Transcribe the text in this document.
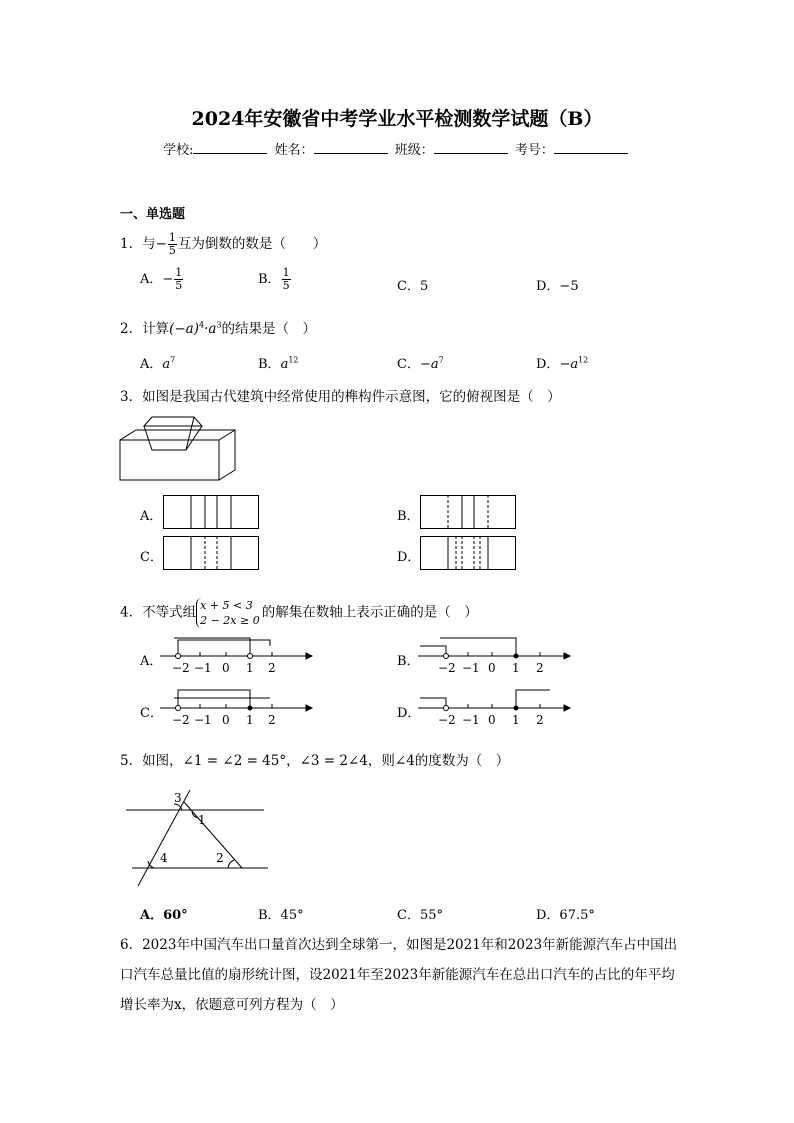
2024年安徽省中考学业水平检测数学试题（B）
学校:	姓名：	班级：	考号：
一、单选题
1．与− $\frac{1}{5}$ 互为倒数的数是（　　）
A．− $\frac{1}{5}$	B． $\frac{1}{5}$	C．5	D．−5
2．计算$(-a)^4\cdot a^3$的结果是（　）
A．$a^7$	B．$a^{12}$	C．$-a^7$	D．$-a^{12}$
3．如图是我国古代建筑中经常使用的榫构件示意图，它的俯视图是（　）
A．	B．
C．	D．
4．不等式组 x + 5 < 3
2 − 2x ≥ 0 的解集在数轴上表示正确的是（　）
A．	B．
C．	D．
−2 −1 0 1 2	−2 −1 0 1 2
−2 −1 0 1 2	−2 −1 0 1 2
5．如图，∠1 = ∠2 = 45°，∠3 = 2∠4，则∠4的度数为（　）
3
1
4	2
A．60°	B．45°	C．55°	D．67.5°
6．2023年中国汽车出口量首次达到全球第一，如图是2021年和2023年新能源汽车占中国出口汽车总量比值的扇形统计图，设2021年至2023年新能源汽车在总出口汽车的占比的年平均增长率为x，依题意可列方程为（　）
